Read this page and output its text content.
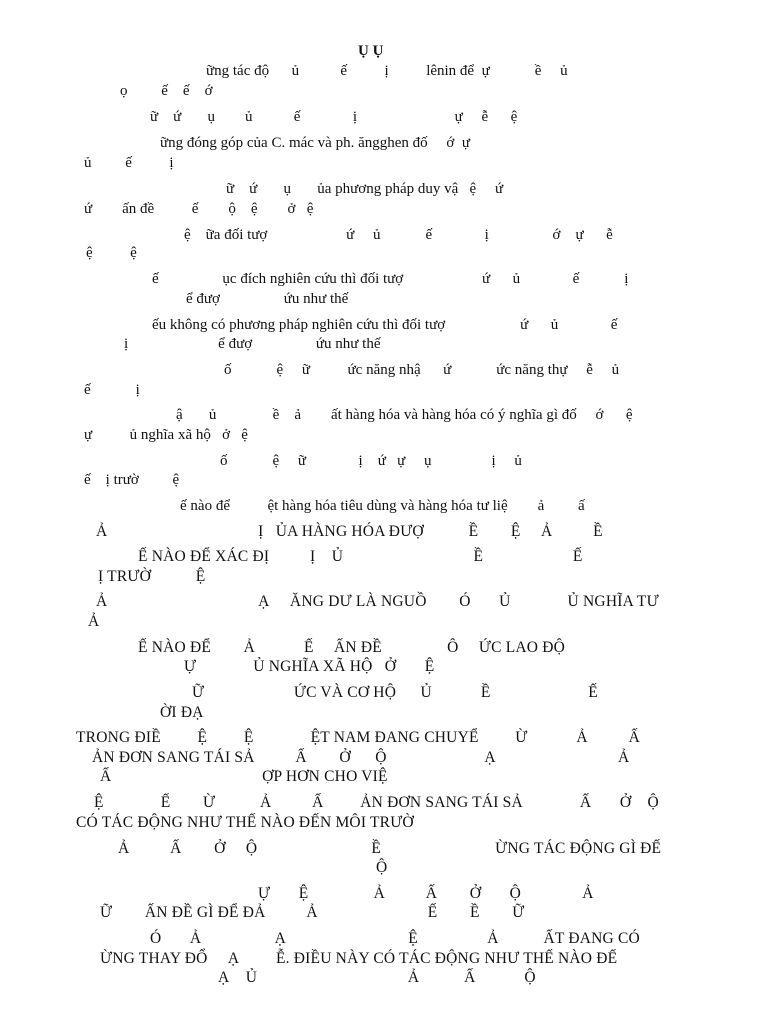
Ụ Ụ
ững tác độ      ủ           ế          ị          lênin để  ự            ề     ủ
ọ         ế    ế    ớ
ữ    ứ       ụ        ủ           ế              ị                          ự     ễ      ệ
ững đóng góp của C. mác và ph. ăngghen đố     ớ  ự
ủ         ế          ị
ữ    ứ       ụ       ủa phương pháp duy vậ   ệ     ứ
ứ        ấn đề          ế        ộ    ệ        ở   ệ
ệ    ữa đối tượ                     ứ     ủ            ế              ị                 ớ    ự      ễ
ệ          ệ
ế                 ục đích nghiên cứu thì đối tượ                     ứ      ủ              ế            ị
ể đượ                 ứu như thế
ếu không có phương pháp nghiên cứu thì đối tượ                    ứ      ủ              ế
ị                        ể đượ                 ứu như thế
ố            ệ     ữ          ức năng nhậ      ứ            ức năng thự     ễ     ủ
ế            ị
ậ       ủ               ề    ả        ất hàng hóa và hàng hóa có ý nghĩa gì đố     ớ      ệ
ự          ủ nghĩa xã hộ   ở   ệ
ố            ệ     ữ              ị    ứ   ự     ụ                ị     ủ
ế    ị trườ         ệ
ế nào để          ệt hàng hóa tiêu dùng và hàng hóa tư liệ        ả         ấ
Ả                                     Ị   ỦA HÀNG HÓA ĐƯỢ           Ề        Ệ     Ả          Ề
Ế NÀO ĐỂ XÁC ĐỊ          Ị    Ủ                                Ề                      Ế
Ị TRƯỜ           Ệ
Ả                                     Ạ     ĂNG DƯ LÀ NGUỒ        Ó       Ủ              Ủ NGHĨA TƯ
Ả
Ế NÀO ĐỂ        Ả            Ế     ẤN ĐỀ                Ô     ỨC LAO ĐỘ
Ự              Ủ NGHĨA XÃ HỘ   Ở       Ệ
Ữ                      ỨC VÀ CƠ HỘ      Ủ            Ề                        Ế
ỜI ĐẠ
TRONG ĐIỀ         Ệ         Ệ              ỆT NAM ĐANG CHUYỂ         Ừ            Ả          Ấ
ẢN ĐƠN SANG TÁI SẢ          Ấ        Ở      Ộ                        Ạ                              Ả
Ấ                                     ỢP HƠN CHO VIỆ
Ệ              Ế        Ừ           Ả          Ấ         ẢN ĐƠN SANG TÁI SẢ              Ấ       Ở    Ộ
CÓ TÁC ĐỘNG NHƯ THẾ NÀO ĐẾN MÔI TRƯỜ
Ả          Ấ        Ở     Ộ                            Ề                            ỪNG TÁC ĐỘNG GÌ ĐẾ
Ộ
Ự       Ệ                Ả          Ấ        Ở       Ộ               Ả
Ữ        ẤN ĐỀ GÌ ĐỂ ĐẢ          Ả                           Ế        Ề        Ữ
Ó       Ả                  Ạ                              Ệ                 Ả           ẤT ĐANG CÓ
ỪNG THAY ĐỔ     Ạ         Ễ. ĐIỀU NÀY CÓ TÁC ĐỘNG NHƯ THẾ NÀO ĐẾ
Ạ    Ủ                                     Ả           Ấ            Ộ
